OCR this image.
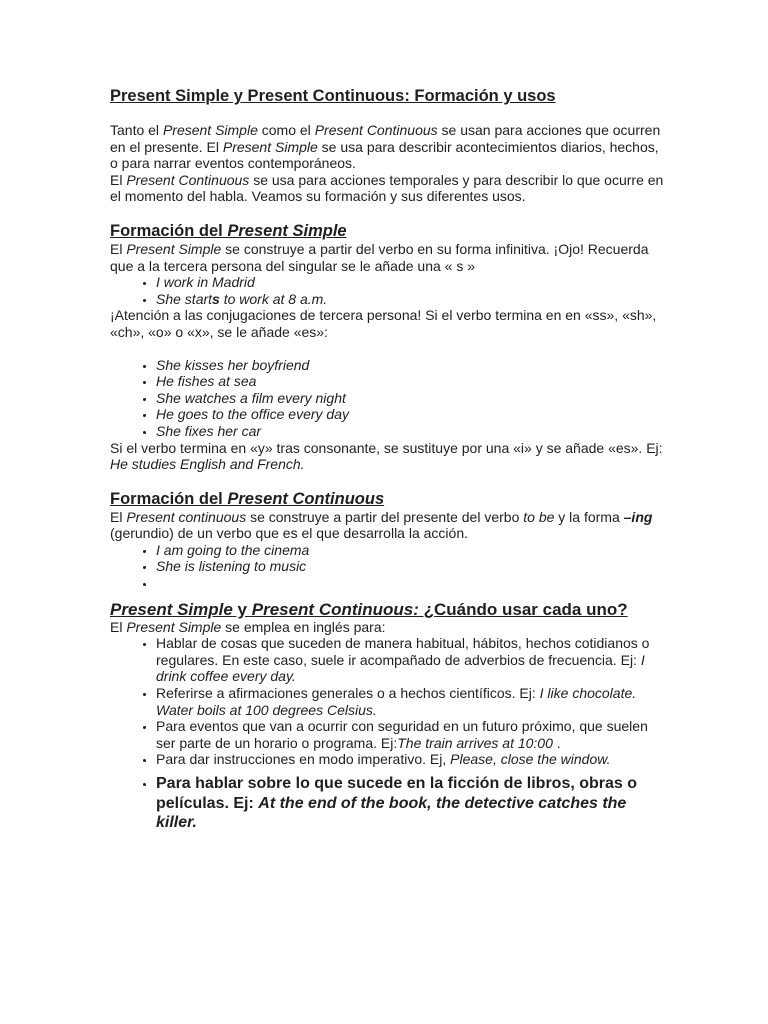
Present Simple y Present Continuous: Formación y usos

Tanto el Present Simple como el Present Continuous se usan para acciones que ocurren en el presente. El Present Simple se usa para describir acontecimientos diarios, hechos, o para narrar eventos contemporáneos.
El Present Continuous se usa para acciones temporales y para describir lo que ocurre en el momento del habla. Veamos su formación y sus diferentes usos.

Formación del Present Simple

El Present Simple se construye a partir del verbo en su forma infinitiva. ¡Ojo! Recuerda que a la tercera persona del singular se le añade una « s »

• I work in Madrid
• She starts to work at 8 a.m.

¡Atención a las conjugaciones de tercera persona! Si el verbo termina en en «ss», «sh», «ch», «o» o «x», se le añade «es»:

• She kisses her boyfriend
• He fishes at sea
• She watches a film every night
• He goes to the office every day
• She fixes her car

Si el verbo termina en «y» tras consonante, se sustituye por una «i» y se añade «es». Ej: He studies English and French.

Formación del Present Continuous

El Present continuous se construye a partir del presente del verbo to be y la forma –ing (gerundio) de un verbo que es el que desarrolla la acción.

• I am going to the cinema
• She is listening to music
•
Present Simple y Present Continuous: ¿Cuándo usar cada uno?

El Present Simple se emplea en inglés para:

• Hablar de cosas que suceden de manera habitual, hábitos, hechos cotidianos o regulares. En este caso, suele ir acompañado de adverbios de frecuencia. Ej: I drink coffee every day.
• Referirse a afirmaciones generales o a hechos científicos. Ej: I like chocolate. Water boils at 100 degrees Celsius.
• Para eventos que van a ocurrir con seguridad en un futuro próximo, que suelen ser parte de un horario o programa. Ej:The train arrives at 10:00 .
• Para dar instrucciones en modo imperativo. Ej, Please, close the window.
• Para hablar sobre lo que sucede en la ficción de libros, obras o películas. Ej: At the end of the book, the detective catches the killer.
